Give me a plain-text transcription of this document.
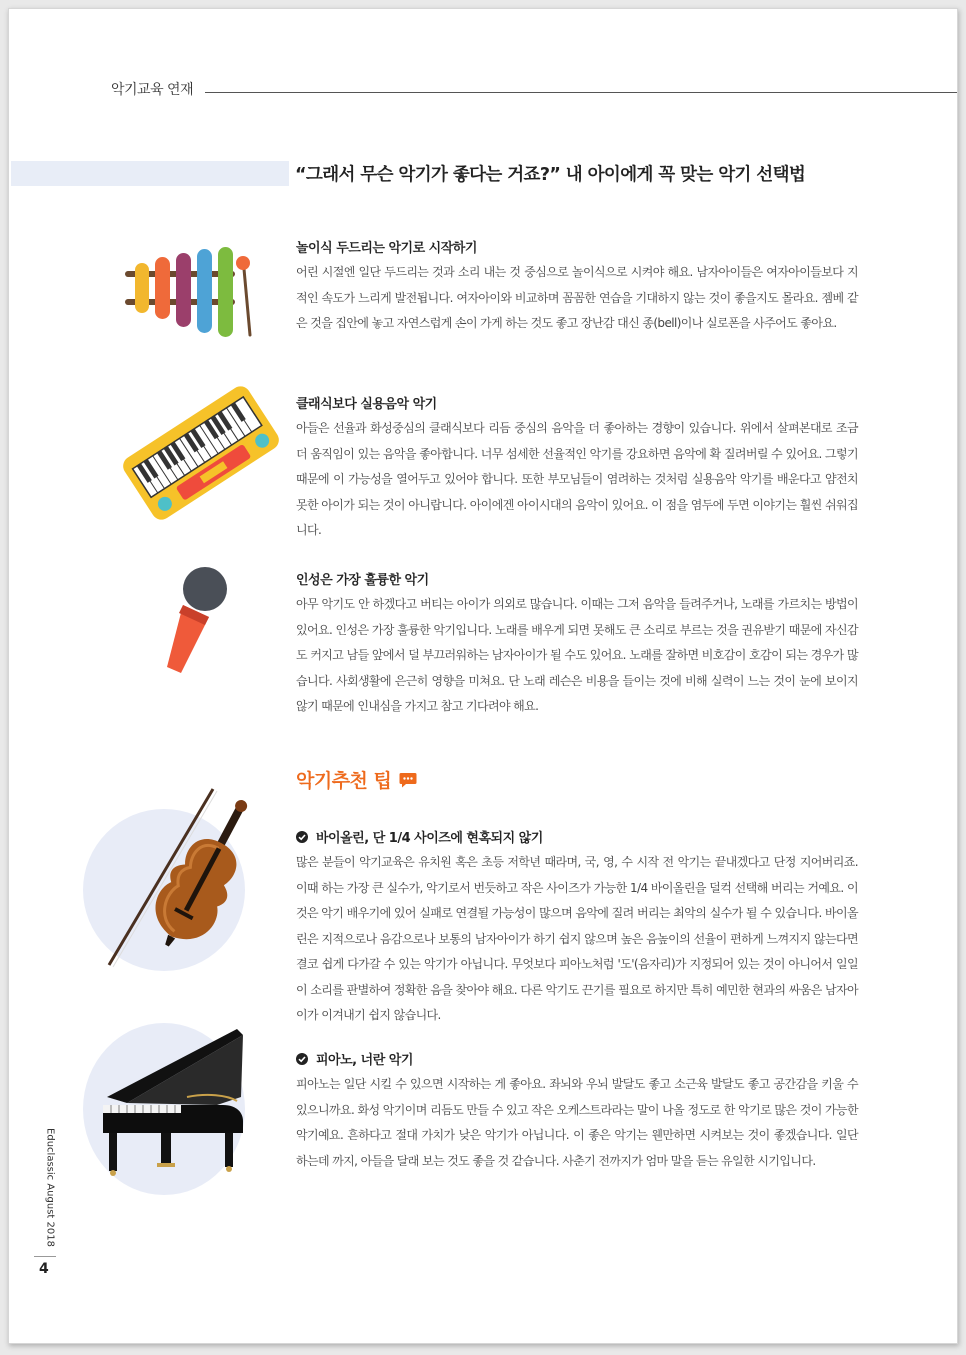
악기교육 연재
“그래서 무슨 악기가 좋다는 거죠?” 내 아이에게 꼭 맞는 악기 선택법
놀이식 두드리는 악기로 시작하기

어린 시절엔 일단 두드리는 것과 소리 내는 것 중심으로 놀이식으로 시켜야 해요. 남자아이들은 여자아이들보다 지적인 속도가 느리게 발전됩니다. 여자아이와 비교하며 꼼꼼한 연습을 기대하지 않는 것이 좋을지도 몰라요. 젬베 같은 것을 집안에 놓고 자연스럽게 손이 가게 하는 것도 좋고 장난감 대신 종(bell)이나 실로폰을 사주어도 좋아요.

클래식보다 실용음악 악기

아들은 선율과 화성중심의 클래식보다 리듬 중심의 음악을 더 좋아하는 경향이 있습니다. 위에서 살펴본대로 조금 더 움직임이 있는 음악을 좋아합니다. 너무 섬세한 선율적인 악기를 강요하면 음악에 확 질려버릴 수 있어요. 그렇기 때문에 이 가능성을 열어두고 있어야 합니다. 또한 부모님들이 염려하는 것처럼 실용음악 악기를 배운다고 얌전치 못한 아이가 되는 것이 아니랍니다. 아이에겐 아이시대의 음악이 있어요. 이 점을 염두에 두면 이야기는 훨씬 쉬워집니다.

인성은 가장 훌륭한 악기

아무 악기도 안 하겠다고 버티는 아이가 의외로 많습니다. 이때는 그저 음악을 들려주거나, 노래를 가르치는 방법이 있어요. 인성은 가장 훌륭한 악기입니다. 노래를 배우게 되면 못해도 큰 소리로 부르는 것을 권유받기 때문에 자신감도 커지고 남들 앞에서 덜 부끄러워하는 남자아이가 될 수도 있어요. 노래를 잘하면 비호감이 호감이 되는 경우가 많습니다. 사회생활에 은근히 영향을 미쳐요. 단 노래 레슨은 비용을 들이는 것에 비해 실력이 느는 것이 눈에 보이지 않기 때문에 인내심을 가지고 참고 기다려야 해요.

악기추천 팁
바이올린, 단 1/4 사이즈에 현혹되지 않기

많은 분들이 악기교육은 유치원 혹은 초등 저학년 때라며, 국, 영, 수 시작 전 악기는 끝내겠다고 단정 지어버리죠. 이때 하는 가장 큰 실수가, 악기로서 번듯하고 작은 사이즈가 가능한 1/4 바이올린을 덜컥 선택해 버리는 거예요. 이것은 악기 배우기에 있어 실패로 연결될 가능성이 많으며 음악에 질려 버리는 최악의 실수가 될 수 있습니다. 바이올린은 지적으로나 음감으로나 보통의 남자아이가 하기 쉽지 않으며 높은 음높이의 선율이 편하게 느껴지지 않는다면 결코 쉽게 다가갈 수 있는 악기가 아닙니다. 무엇보다 피아노처럼 '도'(음자리)가 지정되어 있는 것이 아니어서 일일이 소리를 판별하여 정확한 음을 찾아야 해요. 다른 악기도 끈기를 필요로 하지만 특히 예민한 현과의 싸움은 남자아이가 이겨내기 쉽지 않습니다.

피아노, 너란 악기

피아노는 일단 시킬 수 있으면 시작하는 게 좋아요. 좌뇌와 우뇌 발달도 좋고 소근육 발달도 좋고 공간감을 키울 수 있으니까요. 화성 악기이며 리듬도 만들 수 있고 작은 오케스트라라는 말이 나올 정도로 한 악기로 많은 것이 가능한 악기예요. 흔하다고 절대 가치가 낮은 악기가 아닙니다. 이 좋은 악기는 웬만하면 시켜보는 것이 좋겠습니다. 일단 하는데 까지, 아들을 달래 보는 것도 좋을 것 같습니다. 사춘기 전까지가 엄마 말을 듣는 유일한 시기입니다.

Educlassic August 2018
4
